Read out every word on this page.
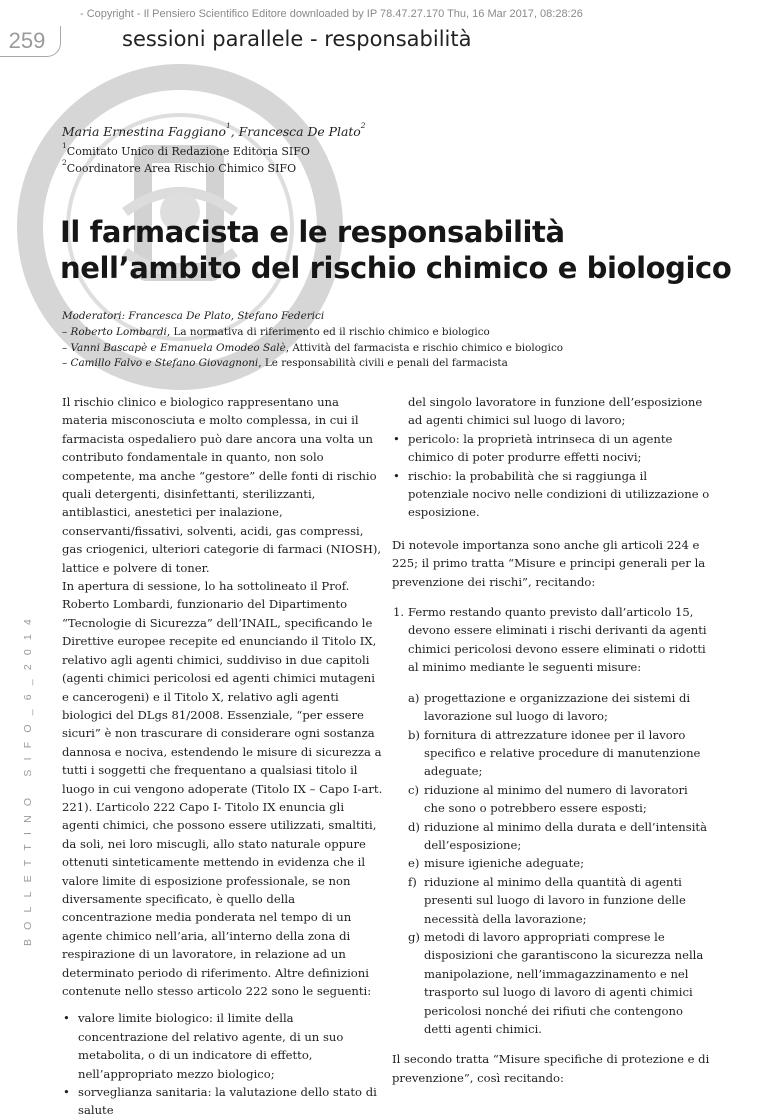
- Copyright - Il Pensiero Scientifico Editore downloaded by IP 78.47.27.170 Thu, 16 Mar 2017, 08:28:26
259	sessioni parallele - responsabilità
Maria Ernestina Faggiano$^1$, Francesca De Plato$^2$
$^1$Comitato Unico di Redazione Editoria SIFO
$^2$Coordinatore Area Rischio Chimico SIFO
Il farmacista e le responsabilità
nell’ambito del rischio chimico e biologico
Moderatori: Francesca De Plato, Stefano Federici
– Roberto Lombardi, La normativa di riferimento ed il rischio chimico e biologico
– Vanni Bascapè e Emanuela Omodeo Salè, Attività del farmacista e rischio chimico e biologico
– Camillo Falvo e Stefano Giovagnoni, Le responsabilità civili e penali del farmacista

Il rischio clinico e biologico rappresentano una materia misconosciuta e molto complessa, in cui il farmacista ospedaliero può dare ancora una volta un contributo fondamentale in quanto, non solo competente, ma anche “gestore” delle fonti di rischio quali detergenti, disinfettanti, sterilizzanti, antiblastici, anestetici per inalazione, conservanti/fissativi, solventi, acidi, gas compressi, gas criogenici, ulteriori categorie di farmaci (NIOSH), lattice e polvere di toner.

In apertura di sessione, lo ha sottolineato il Prof. Roberto Lombardi, funzionario del Dipartimento “Tecnologie di Sicurezza” dell’INAIL, specificando le Direttive europee recepite ed enunciando il Titolo IX, relativo agli agenti chimici, suddiviso in due capitoli (agenti chimici pericolosi ed agenti chimici mutageni e cancerogeni) e il Titolo X, relativo agli agenti biologici del DLgs 81/2008. Essenziale, “per essere sicuri” è non trascurare di considerare ogni sostanza dannosa e nociva, estendendo le misure di sicurezza a tutti i soggetti che frequentano a qualsiasi titolo il luogo in cui vengono adoperate (Titolo IX – Capo I-art. 221). L’articolo 222 Capo I- Titolo IX enuncia gli agenti chimici, che possono essere utilizzati, smaltiti, da soli, nei loro miscugli, allo stato naturale oppure ottenuti sinteticamente mettendo in evidenza che il valore limite di esposizione professionale, se non diversamente specificato, è quello della concentrazione media ponderata nel tempo di un agente chimico nell’aria, all’interno della zona di respirazione di un lavoratore, in relazione ad un determinato periodo di riferimento. Altre definizioni contenute nello stesso articolo 222 sono le seguenti:

• valore limite biologico: il limite della concentrazione del relativo agente, di un suo metabolita, o di un indicatore di effetto, nell’appropriato mezzo biologico;

• sorveglianza sanitaria: la valutazione dello stato di salute

del singolo lavoratore in funzione dell’esposizione ad agenti chimici sul luogo di lavoro;

• pericolo: la proprietà intrinseca di un agente chimico di poter produrre effetti nocivi;

• rischio: la probabilità che si raggiunga il potenziale nocivo nelle condizioni di utilizzazione o esposizione.

Di notevole importanza sono anche gli articoli 224 e 225; il primo tratta “Misure e principi generali per la prevenzione dei rischi”, recitando:

1. Fermo restando quanto previsto dall’articolo 15, devono essere eliminati i rischi derivanti da agenti chimici pericolosi devono essere eliminati o ridotti al minimo mediante le seguenti misure:

a) progettazione e organizzazione dei sistemi di lavorazione sul luogo di lavoro;

b) fornitura di attrezzature idonee per il lavoro specifico e relative procedure di manutenzione adeguate;

c) riduzione al minimo del numero di lavoratori che sono o potrebbero essere esposti;

d) riduzione al minimo della durata e dell’intensità dell’esposizione;

e) misure igieniche adeguate;

f) riduzione al minimo della quantità di agenti presenti sul luogo di lavoro in funzione delle necessità della lavorazione;

g) metodi di lavoro appropriati comprese le disposizioni che garantiscono la sicurezza nella manipolazione, nell’immagazzinamento e nel trasporto sul luogo di lavoro di agenti chimici pericolosi nonché dei rifiuti che contengono detti agenti chimici.

Il secondo tratta “Misure specifiche di protezione e di prevenzione”, così recitando:

BOLLETTINO SIFO_6_2014
